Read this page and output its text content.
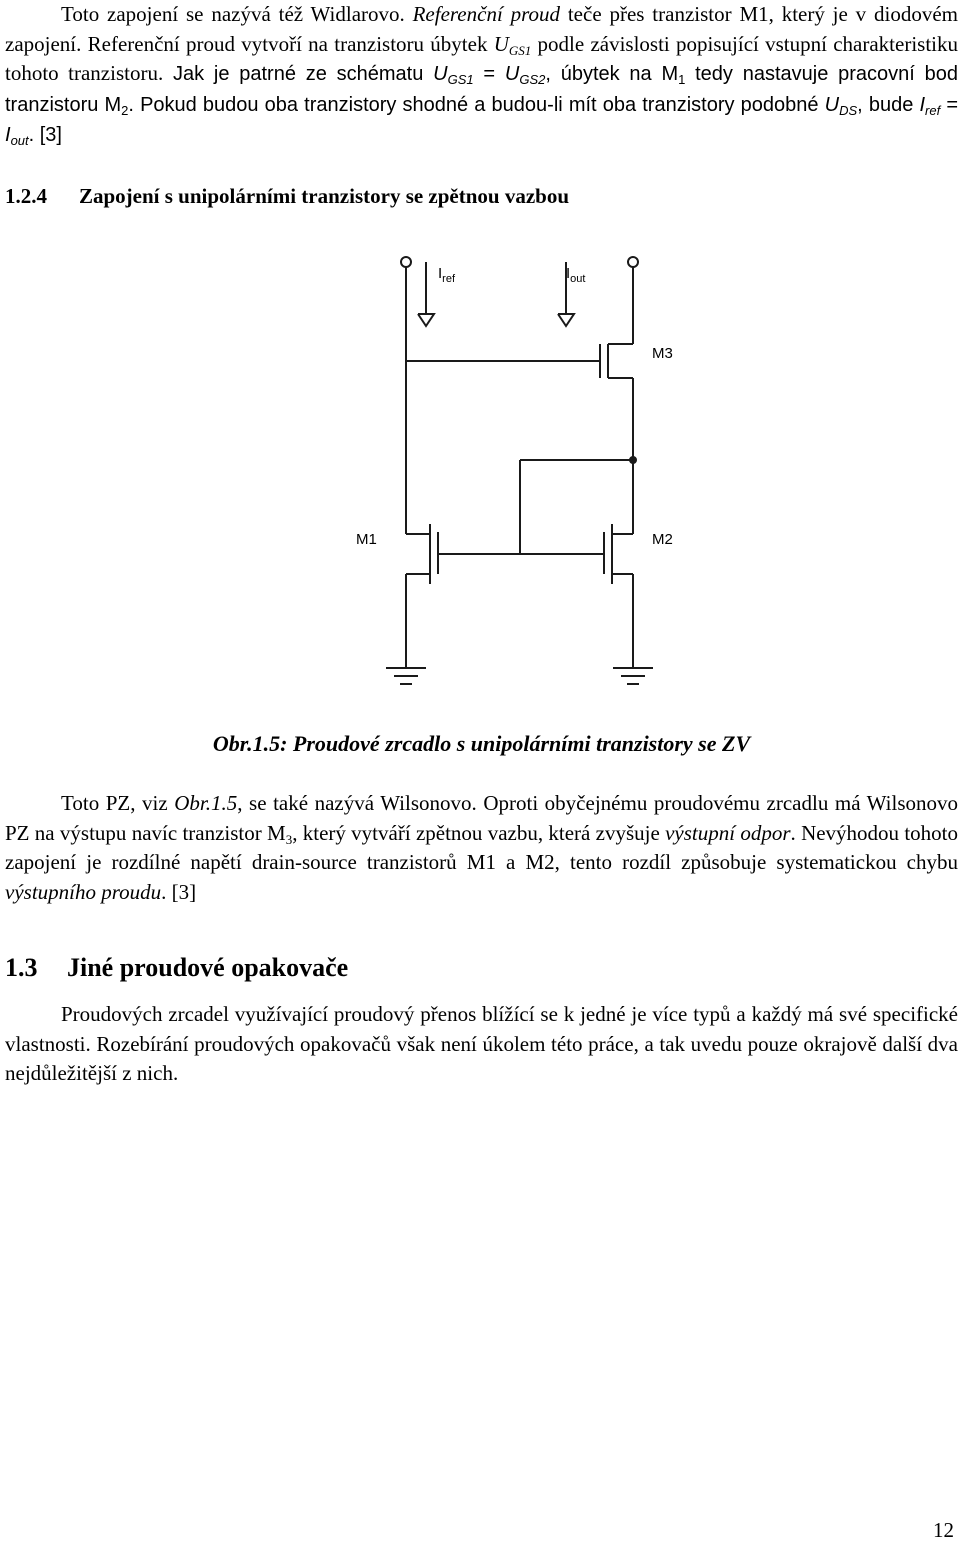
Toto zapojení se nazývá též Widlarovo. Referenční proud teče přes tranzistor M1, který je v diodovém zapojení. Referenční proud vytvoří na tranzistoru úbytek $U_{GS1}$ podle závislosti popisující vstupní charakteristiku tohoto tranzistoru. Jak je patrné ze schématu $U_{GS1} = U_{GS2}$, úbytek na $M_1$ tedy nastavuje pracovní bod tranzistoru $M_2$. Pokud budou oba tranzistory shodné a budou-li mít oba tranzistory podobné $U_{DS}$, bude $I_{ref} = I_{out}$. [3]

1.2.4 Zapojení s unipolárními tranzistory se zpětnou vazbou
$I_{ref}$	$I_{out}$
M3
M1	M2

Obr.1.5: Proudové zrcadlo s unipolárními tranzistory se ZV

Toto PZ, viz Obr.1.5, se také nazývá Wilsonovo. Oproti obyčejnému proudovému zrcadlu má Wilsonovo PZ na výstupu navíc tranzistor $M_3$, který vytváří zpětnou vazbu, která zvyšuje výstupní odpor. Nevýhodou tohoto zapojení je rozdílné napětí drain-source tranzistorů M1 a M2, tento rozdíl způsobuje systematickou chybu výstupního proudu. [3]

1.3 Jiné proudové opakovače

Proudových zrcadel využívající proudový přenos blížící se k jedné je více typů a každý má své specifické vlastnosti. Rozebírání proudových opakovačů však není úkolem této práce, a tak uvedu pouze okrajově další dva nejdůležitější z nich.

12
